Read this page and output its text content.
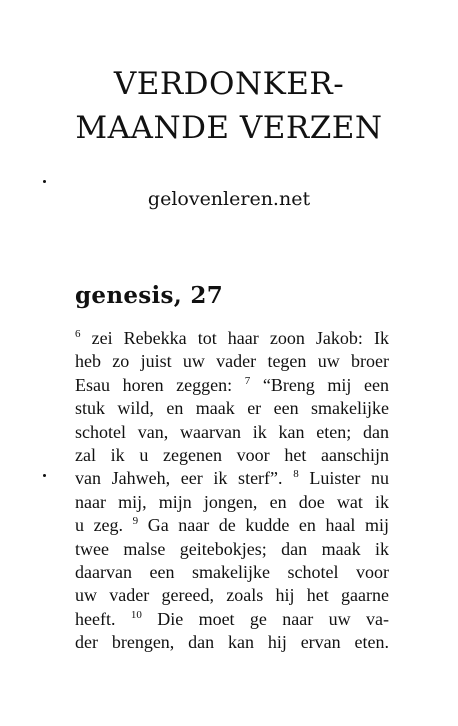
VERDONKER-
MAANDE VERZEN
gelovenleren.net
genesis, 27
$^6$ zei Rebekka tot haar zoon Jakob: Ik
heb zo juist uw vader tegen uw broer
Esau horen zeggen: $^7$ “Breng mij een
stuk wild, en maak er een smakelijke
schotel van, waarvan ik kan eten; dan
zal ik u zegenen voor het aanschijn
van Jahweh, eer ik sterf”. $^8$ Luister nu
naar mij, mijn jongen, en doe wat ik
u zeg. $^9$ Ga naar de kudde en haal mij
twee malse geitebokjes; dan maak ik
daarvan een smakelijke schotel voor
uw vader gereed, zoals hij het gaarne
heeft. $^{10}$ Die moet ge naar uw va-
der brengen, dan kan hij ervan eten.
